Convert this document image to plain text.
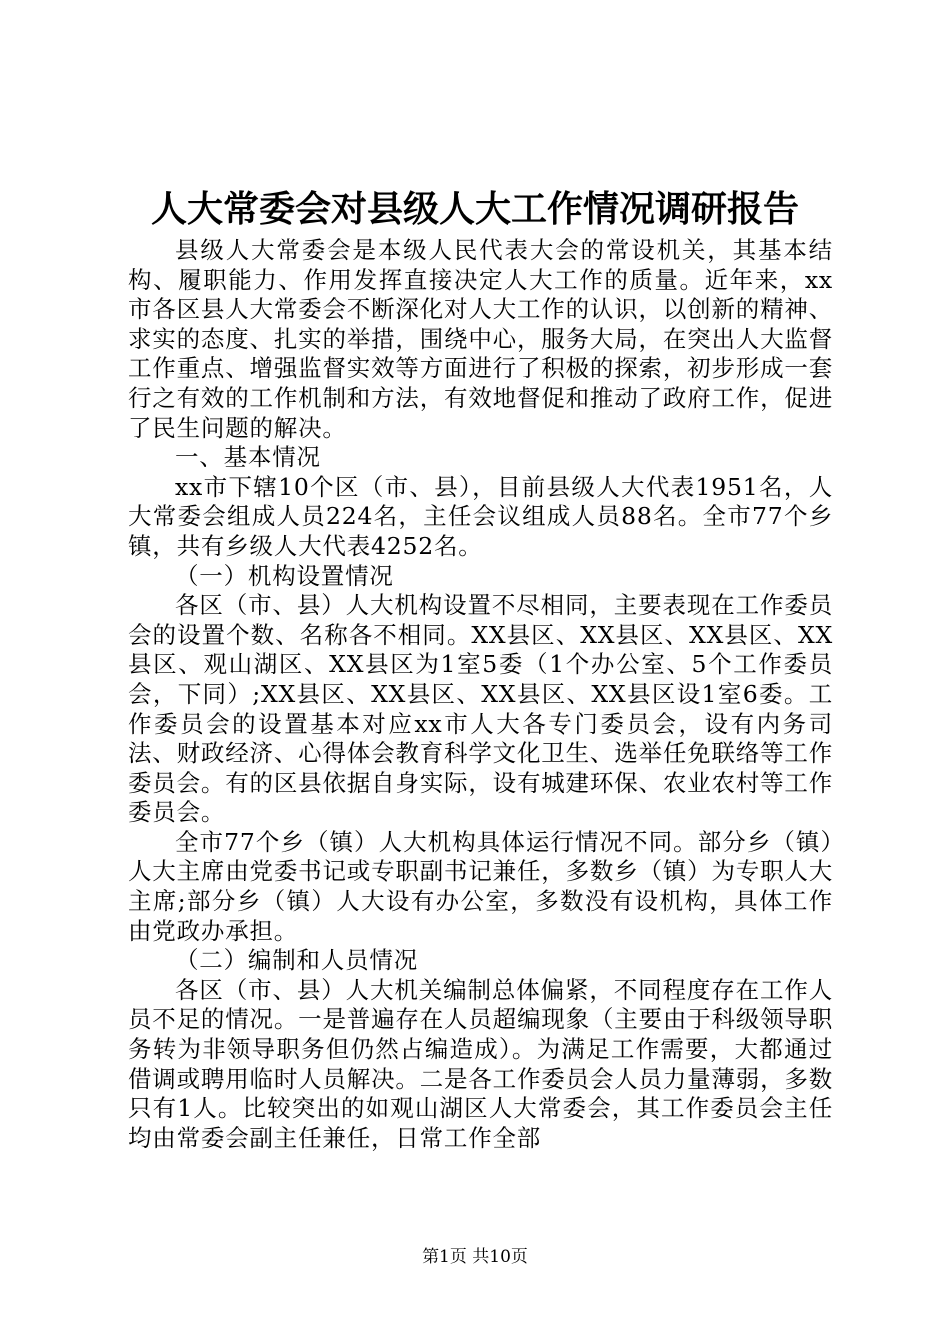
人大常委会对县级人大工作情况调研报告

县级人大常委会是本级人民代表大会的常设机关，其基本结构、履职能力、作用发挥直接决定人大工作的质量。近年来，xx市各区县人大常委会不断深化对人大工作的认识，以创新的精神、求实的态度、扎实的举措，围绕中心，服务大局，在突出人大监督工作重点、增强监督实效等方面进行了积极的探索，初步形成一套行之有效的工作机制和方法，有效地督促和推动了政府工作，促进了民生问题的解决。

一、基本情况

xx市下辖10个区（市、县），目前县级人大代表1951名，人大常委会组成人员224名，主任会议组成人员88名。全市77个乡镇，共有乡级人大代表4252名。

（一）机构设置情况

各区（市、县）人大机构设置不尽相同，主要表现在工作委员会的设置个数、名称各不相同。XX县区、XX县区、XX县区、XX县区、观山湖区、XX县区为1室5委（1个办公室、5个工作委员会，下同）;XX县区、XX县区、XX县区、XX县区设1室6委。工作委员会的设置基本对应xx市人大各专门委员会，设有内务司法、财政经济、心得体会教育科学文化卫生、选举任免联络等工作委员会。有的区县依据自身实际，设有城建环保、农业农村等工作委员会。

全市77个乡（镇）人大机构具体运行情况不同。部分乡（镇）人大主席由党委书记或专职副书记兼任，多数乡（镇）为专职人大主席;部分乡（镇）人大设有办公室，多数没有设机构，具体工作由党政办承担。

（二）编制和人员情况

各区（市、县）人大机关编制总体偏紧，不同程度存在工作人员不足的情况。一是普遍存在人员超编现象（主要由于科级领导职务转为非领导职务但仍然占编造成）。为满足工作需要，大都通过借调或聘用临时人员解决。二是各工作委员会人员力量薄弱，多数只有1人。比较突出的如观山湖区人大常委会，其工作委员会主任均由常委会副主任兼任，日常工作全部

第1页 共10页
